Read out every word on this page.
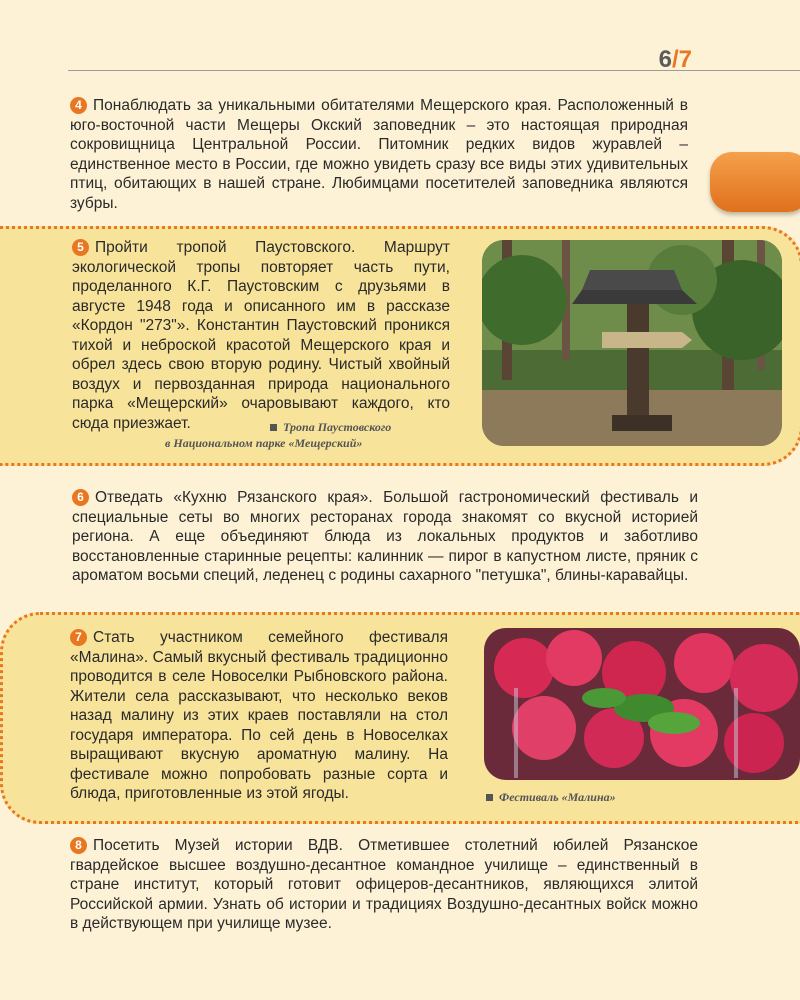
6/7
4 Понаблюдать за уникальными обитателями Мещерского края. Расположенный в юго-восточной части Мещеры Окский заповедник – это настоящая природная сокровищница Центральной России. Питомник редких видов журавлей – единственное место в России, где можно увидеть сразу все виды этих удивительных птиц, обитающих в нашей стране. Любимцами посетителей заповедника являются зубры.
5 Пройти тропой Паустовского. Маршрут экологической тропы повторяет часть пути, проделанного К.Г. Паустовским с друзьями в августе 1948 года и описанного им в рассказе «Кордон "273"». Константин Паустовский проникся тихой и неброской красотой Мещерского края и обрел здесь свою вторую родину. Чистый хвойный воздух и первозданная природа национального парка «Мещерский» очаровывают каждого, кто сюда приезжает.	Тропа Паустовского
в Национальном парке «Мещерский»
6 Отведать «Кухню Рязанского края». Большой гастрономический фестиваль и специальные сеты во многих ресторанах города знакомят со вкусной историей региона. А еще объединяют блюда из локальных продуктов и заботливо восстановленные старинные рецепты: калинник — пирог в капустном листе, пряник с ароматом восьми специй, леденец с родины сахарного "петушка", блины-каравайцы.
7 Стать участником семейного фестиваля «Малина». Самый вкусный фестиваль традиционно проводится в селе Новоселки Рыбновского района. Жители села рассказывают, что несколько веков назад малину из этих краев поставляли на стол государя императора. По сей день в Новоселках выращивают вкусную ароматную малину. На фестивале можно попробовать разные сорта и блюда, приготовленные из этой ягоды.	Фестиваль «Малина»
8 Посетить Музей истории ВДВ. Отметившее столетний юбилей Рязанское гвардейское высшее воздушно-десантное командное училище – единственный в стране институт, который готовит офицеров-десантников, являющихся элитой Российской армии. Узнать об истории и традициях Воздушно-десантных войск можно в действующем при училище музее.
